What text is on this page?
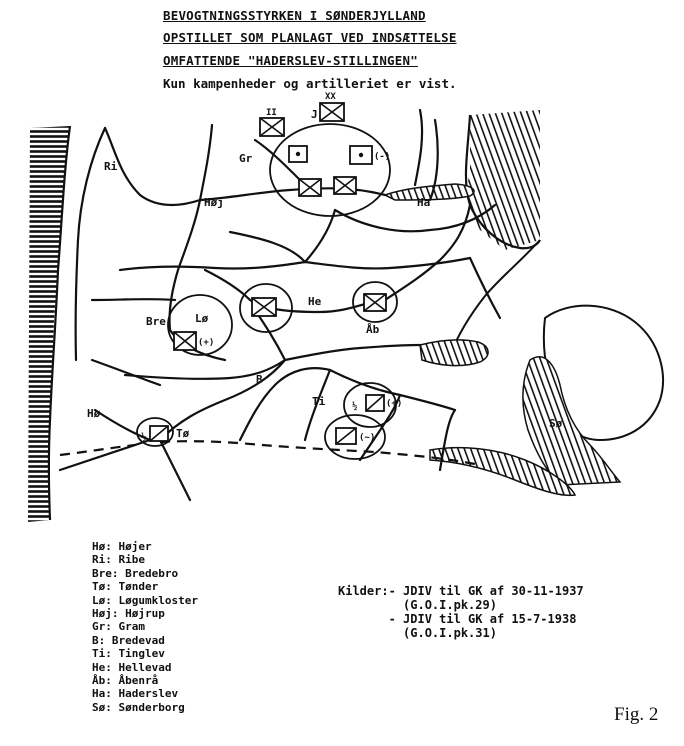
BEVOGTNINGSSTYRKEN I SØNDERJYLLAND
OPSTILLET SOM PLANLAGT VED INDSÆTTELSE
OMFATTENDE "HADERSLEV-STILLINGEN"
Kun kampenheder og artilleriet er vist.
II
XX
(-)
(+)
½	(+)
(~)
½
Ri
Høj
Gr
J
Ha
Bre	Lø
He
Åb
B
Hø
Tø
Ti
Sø
Hø: Højer
Ri: Ribe
Bre: Bredebro
Tø: Tønder
Lø: Løgumkloster
Høj: Højrup
Gr: Gram
B: Bredevad
Ti: Tinglev
He: Hellevad
Åb: Åbenrå
Ha: Haderslev
Sø: Sønderborg
Kilder:- JDIV til GK af 30-11-1937
(G.O.I.pk.29)
- JDIV til GK af 15-7-1938
(G.O.I.pk.31)
Fig. 2
